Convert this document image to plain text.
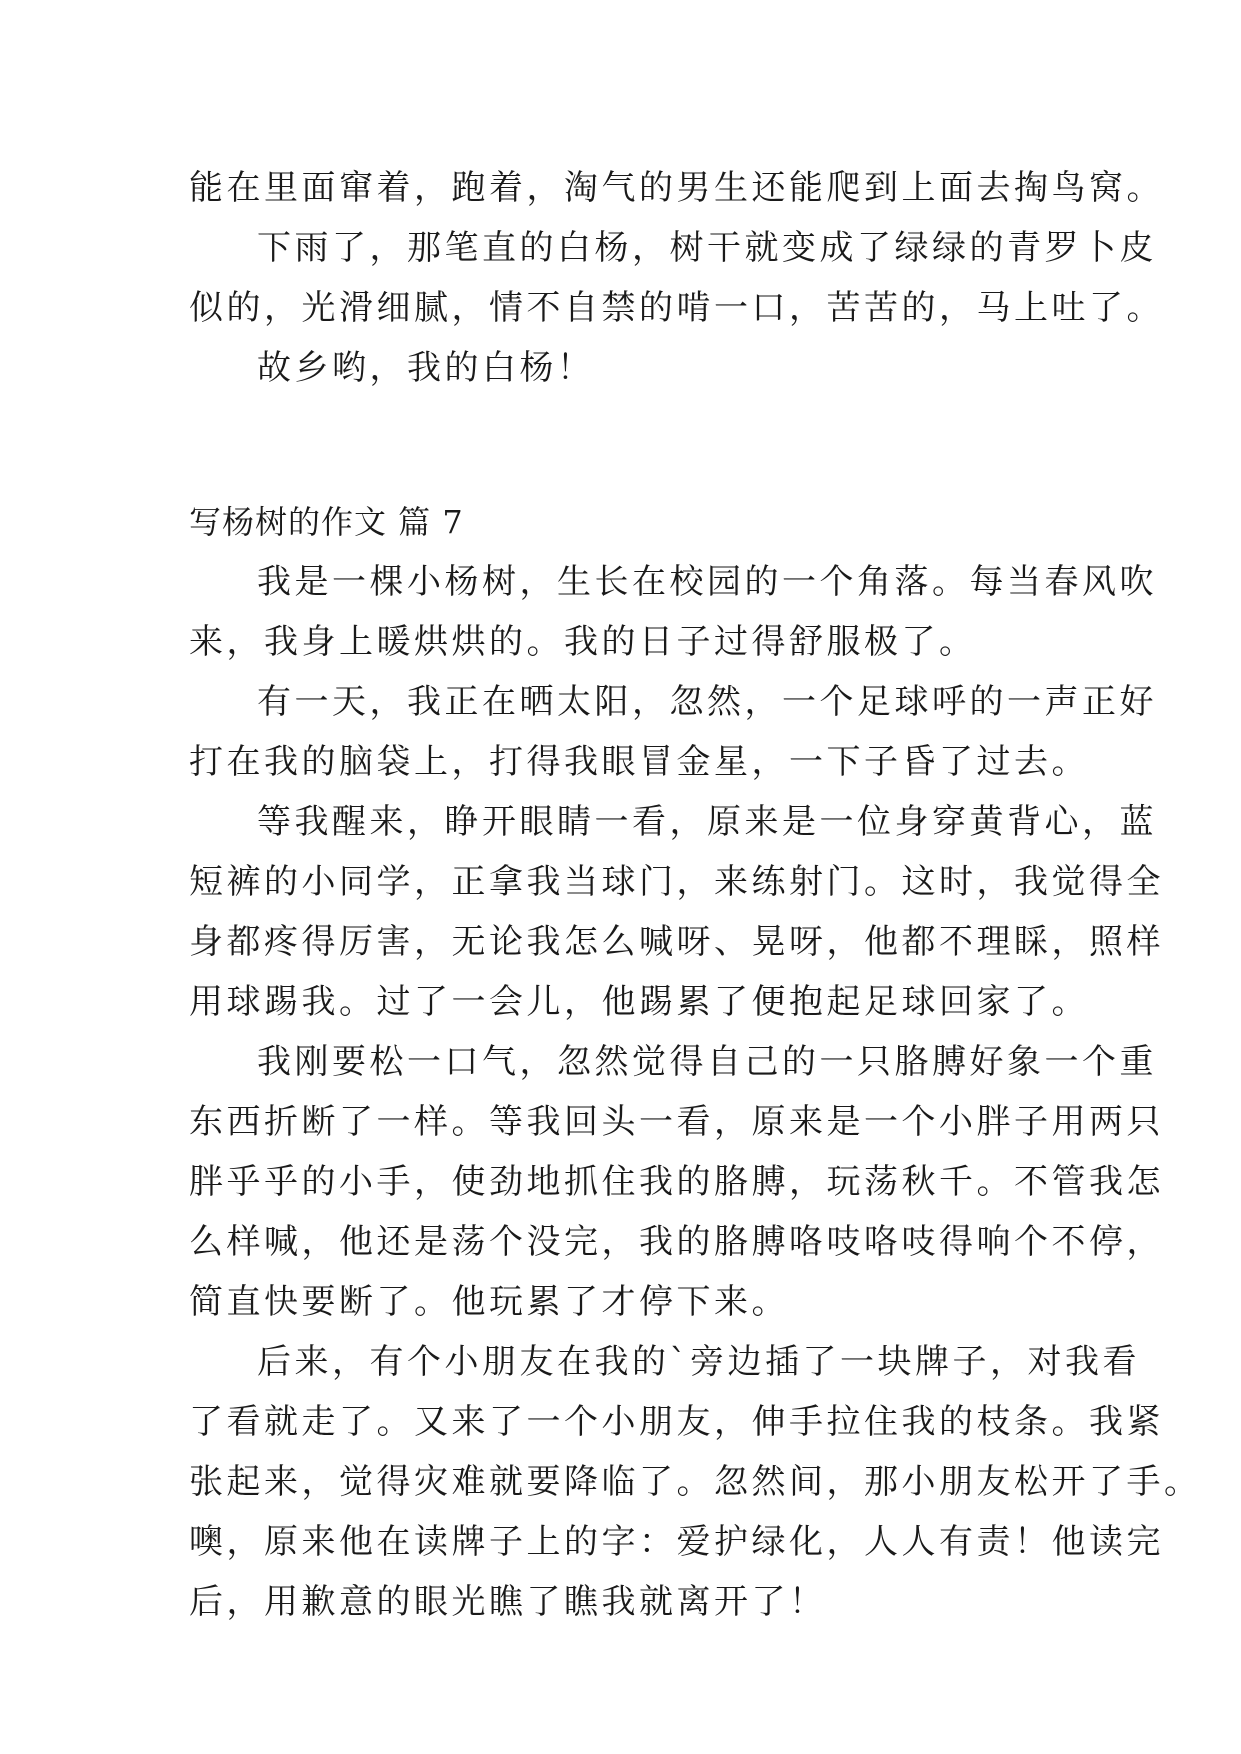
能在里面窜着，跑着，淘气的男生还能爬到上面去掏鸟窝。
下雨了，那笔直的白杨，树干就变成了绿绿的青罗卜皮
似的，光滑细腻，情不自禁的啃一口，苦苦的，马上吐了。
故乡哟，我的白杨！
写杨树的作文 篇 7
我是一棵小杨树，生长在校园的一个角落。每当春风吹
来，我身上暖烘烘的。我的日子过得舒服极了。
有一天，我正在晒太阳，忽然，一个足球呼的一声正好
打在我的脑袋上，打得我眼冒金星，一下子昏了过去。
等我醒来，睁开眼睛一看，原来是一位身穿黄背心，蓝
短裤的小同学，正拿我当球门，来练射门。这时，我觉得全
身都疼得厉害，无论我怎么喊呀、晃呀，他都不理睬，照样
用球踢我。过了一会儿，他踢累了便抱起足球回家了。
我刚要松一口气，忽然觉得自己的一只胳膊好象一个重
东西折断了一样。等我回头一看，原来是一个小胖子用两只
胖乎乎的小手，使劲地抓住我的胳膊，玩荡秋千。不管我怎
么样喊，他还是荡个没完，我的胳膊咯吱咯吱得响个不停，
简直快要断了。他玩累了才停下来。
后来，有个小朋友在我的`旁边插了一块牌子，对我看
了看就走了。又来了一个小朋友，伸手拉住我的枝条。我紧
张起来，觉得灾难就要降临了。忽然间，那小朋友松开了手。
噢，原来他在读牌子上的字：爱护绿化，人人有责！他读完
后，用歉意的眼光瞧了瞧我就离开了！
